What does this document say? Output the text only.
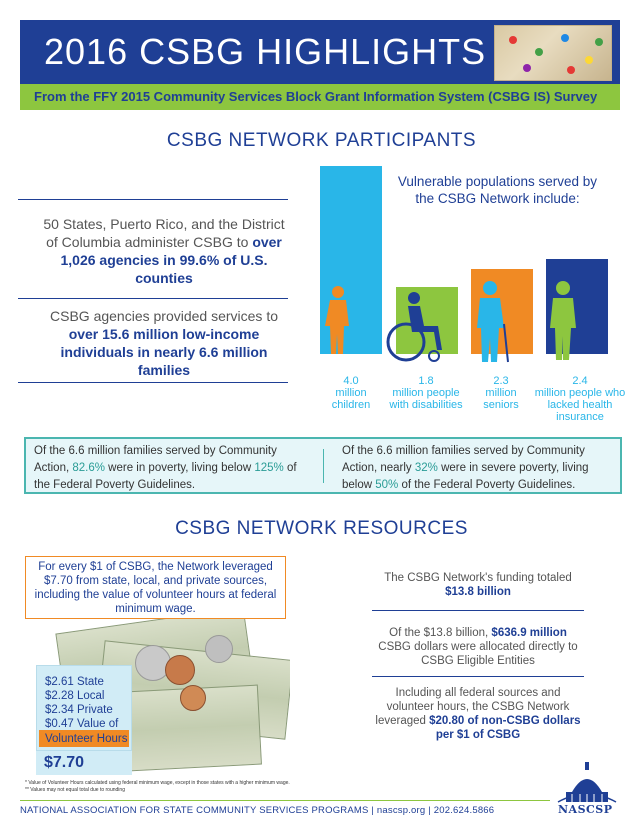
2016 CSBG HIGHLIGHTS
From the FFY 2015 Community Services Block Grant Information System (CSBG IS) Survey
CSBG NETWORK PARTICIPANTS
50 States, Puerto Rico, and the District of Columbia administer CSBG to over 1,026 agencies in 99.6% of U.S. counties
CSBG agencies provided services to over 15.6 million low-income individuals in nearly 6.6 million families
Vulnerable populations served by the CSBG Network include:
4.0
million children
1.8
million people with disabilities
2.3
million seniors
2.4
million people who lacked health insurance
Of the 6.6 million families served by Community Action, 82.6% were in poverty, living below 125% of the Federal Poverty Guidelines.
Of the 6.6 million families served by Community Action, nearly 32% were in severe poverty, living below 50% of the Federal Poverty Guidelines.
CSBG NETWORK RESOURCES
For every $1 of CSBG, the Network leveraged $7.70 from state, local, and private sources, including the value of volunteer hours at federal minimum wage.
$2.61 State
$2.28 Local
$2.34 Private
$0.47 Value of
Volunteer Hours
$7.70
* Value of Volunteer Hours calculated using federal minimum wage, except in those states with a higher minimum wage.
** Values may not equal total due to rounding
The CSBG Network's funding totaled $13.8 billion
Of the $13.8 billion, $636.9 million CSBG dollars were allocated directly to CSBG Eligible Entities
Including all federal sources and volunteer hours, the CSBG Network leveraged $20.80 of non-CSBG dollars per $1 of CSBG
NATIONAL ASSOCIATION FOR STATE COMMUNITY SERVICES PROGRAMS | nascsp.org | 202.624.5866	NASCSP
